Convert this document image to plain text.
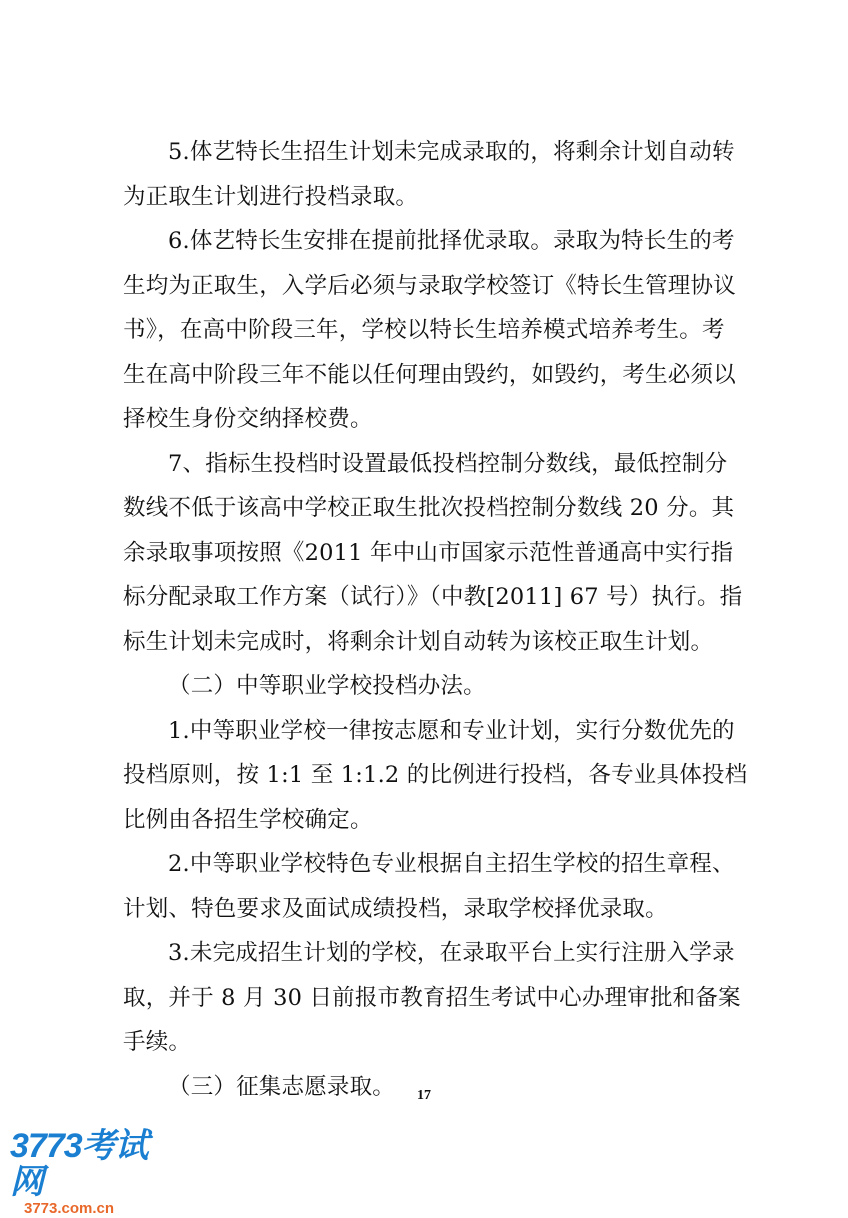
5.体艺特长生招生计划未完成录取的，将剩余计划自动转
为正取生计划进行投档录取。

6.体艺特长生安排在提前批择优录取。录取为特长生的考
生均为正取生，入学后必须与录取学校签订《特长生管理协议
书》，在高中阶段三年，学校以特长生培养模式培养考生。考
生在高中阶段三年不能以任何理由毁约，如毁约，考生必须以
择校生身份交纳择校费。

7、指标生投档时设置最低投档控制分数线，最低控制分
数线不低于该高中学校正取生批次投档控制分数线 20 分。其
余录取事项按照《2011 年中山市国家示范性普通高中实行指
标分配录取工作方案（试行）》（中教[2011] 67 号）执行。指
标生计划未完成时，将剩余计划自动转为该校正取生计划。

（二）中等职业学校投档办法。

1.中等职业学校一律按志愿和专业计划，实行分数优先的
投档原则，按 1:1 至 1:1.2 的比例进行投档，各专业具体投档
比例由各招生学校确定。

2.中等职业学校特色专业根据自主招生学校的招生章程、
计划、特色要求及面试成绩投档，录取学校择优录取。

3.未完成招生计划的学校，在录取平台上实行注册入学录
取，并于 8 月 30 日前报市教育招生考试中心办理审批和备案
手续。

（三）征集志愿录取。	17
3773考试网
3773.com.cn
